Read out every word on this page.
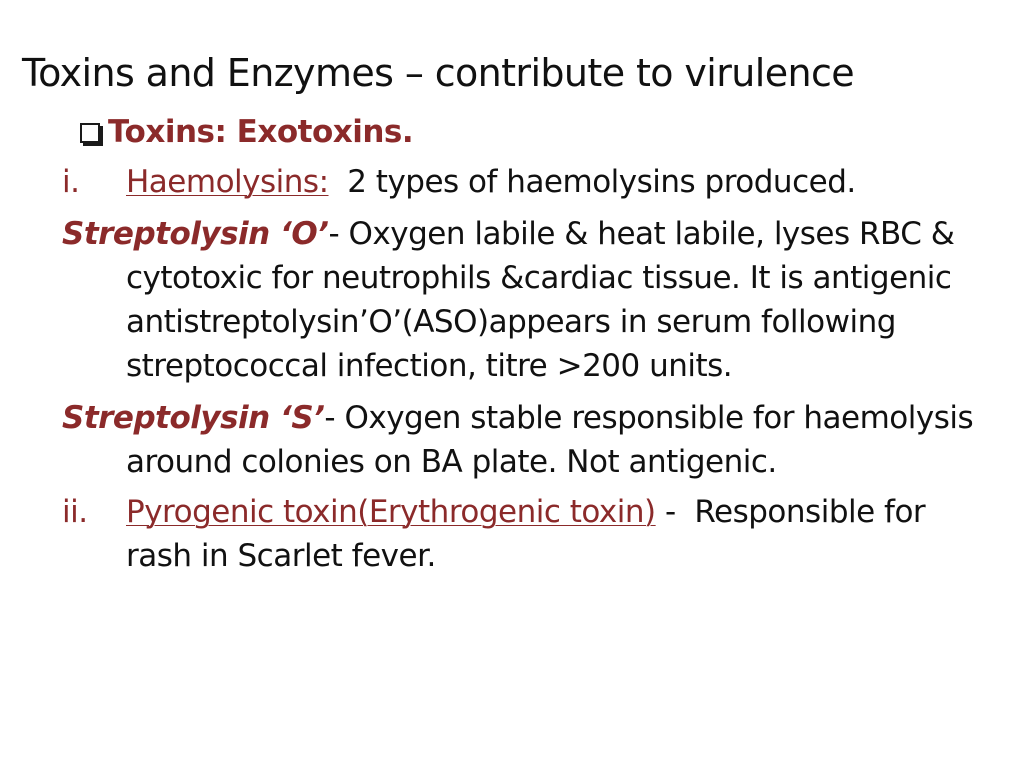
Toxins and Enzymes – contribute to virulence
Toxins: Exotoxins.
i. Haemolysins:  2 types of haemolysins produced.
Streptolysin ‘O’- Oxygen labile & heat labile, lyses RBC & cytotoxic for neutrophils &cardiac tissue. It is antigenic antistreptolysin’O’(ASO)appears in serum following streptococcal infection, titre >200 units.
Streptolysin ‘S’- Oxygen stable responsible for haemolysis around colonies on BA plate. Not antigenic.
ii. Pyrogenic toxin(Erythrogenic toxin) -  Responsible for rash in Scarlet fever.
